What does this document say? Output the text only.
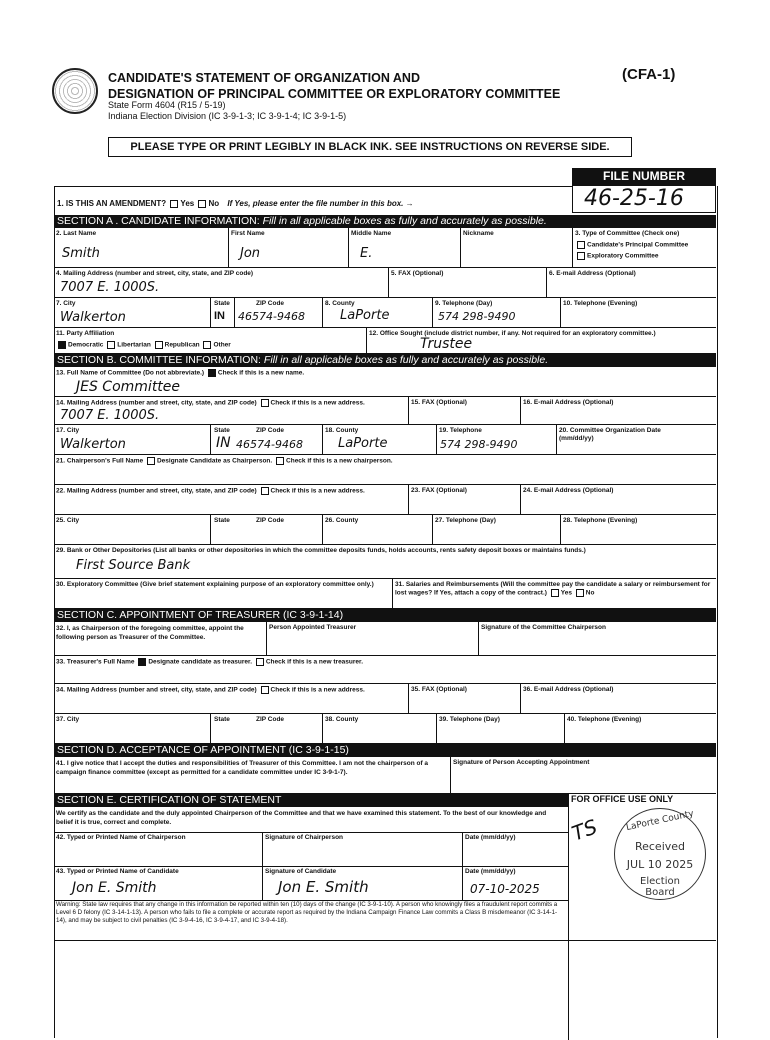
CANDIDATE'S STATEMENT OF ORGANIZATION AND
DESIGNATION OF PRINCIPAL COMMITTEE OR EXPLORATORY COMMITTEE
State Form 4604 (R15 / 5-19)
Indiana Election Division (IC 3-9-1-3; IC 3-9-1-4; IC 3-9-1-5)
(CFA-1)
PLEASE TYPE OR PRINT LEGIBLY IN BLACK INK. SEE INSTRUCTIONS ON REVERSE SIDE.
FILE NUMBER
46-25-16
1. IS THIS AN AMENDMENT? Yes No If Yes, please enter the file number in this box. →
SECTION A . CANDIDATE INFORMATION: Fill in all applicable boxes as fully and accurately as possible.
2. Last Name	First Name	Middle Name	Nickname	3. Type of Committee (Check one)
Candidate's Principal Committee
Exploratory Committee
Smith	Jon	E.
4. Mailing Address (number and street, city, state, and ZIP code)	5. FAX (Optional)	6. E-mail Address (Optional)
7007 E. 1000S.
7. City	State	ZIP Code	8. County	9. Telephone (Day)	10. Telephone (Evening)
Walkerton	IN 46574-9468	LaPorte	574 298-9490
11. Party Affiliation
Democratic Libertarian Republican Other
12. Office Sought (include district number, if any. Not required for an exploratory committee.)
Trustee
SECTION B. COMMITTEE INFORMATION: Fill in all applicable boxes as fully and accurately as possible.
13. Full Name of Committee (Do not abbreviate.) Check if this is a new name.
JES Committee
14. Mailing Address (number and street, city, state, and ZIP code) Check if this is a new address.	15. FAX (Optional)	16. E-mail Address (Optional)
7007 E. 1000S.
17. City	State	ZIP Code	18. County	19. Telephone	20. Committee Organization Date
(mm/dd/yy)
Walkerton	IN 46574-9468	LaPorte	574 298-9490
21. Chairperson's Full Name Designate Candidate as Chairperson. Check if this is a new chairperson.
22. Mailing Address (number and street, city, state, and ZIP code) Check if this is a new address.	23. FAX (Optional)	24. E-mail Address (Optional)
25. City	State	ZIP Code	26. County	27. Telephone (Day)	28. Telephone (Evening)
29. Bank or Other Depositories (List all banks or other depositories in which the committee deposits funds, holds accounts, rents safety deposit boxes or maintains funds.)
First Source Bank
30. Exploratory Committee (Give brief statement explaining purpose of an exploratory committee only.)	31. Salaries and Reimbursements (Will the committee pay the candidate a salary or reimbursement for lost wages? If Yes, attach a copy of the contract.) Yes No
SECTION C. APPOINTMENT OF TREASURER (IC 3-9-1-14)
32. I, as Chairperson of the foregoing committee, appoint the following person as Treasurer of the Committee.
Person Appointed Treasurer	Signature of the Committee Chairperson
33. Treasurer's Full Name Designate candidate as treasurer. Check if this is a new treasurer.
34. Mailing Address (number and street, city, state, and ZIP code) Check if this is a new address.	35. FAX (Optional)	36. E-mail Address (Optional)
37. City	State	ZIP Code	38. County	39. Telephone (Day)	40. Telephone (Evening)
SECTION D. ACCEPTANCE OF APPOINTMENT (IC 3-9-1-15)
41. I give notice that I accept the duties and responsibilities of Treasurer of this Committee. I am not the chairperson of a campaign finance committee (except as permitted for a candidate committee under IC 3-9-1-7).
Signature of Person Accepting Appointment
SECTION E. CERTIFICATION OF STATEMENT	FOR OFFICE USE ONLY
We certify as the candidate and the duly appointed Chairperson of the Committee and that we have examined this statement. To the best of our knowledge and belief it is true, correct and complete.
42. Typed or Printed Name of Chairperson	Signature of Chairperson	Date (mm/dd/yy)
43. Typed or Printed Name of Candidate	Signature of Candidate	Date (mm/dd/yy)
Jon E. Smith	Jon E. Smith	07-10-2025
Warning: State law requires that any change in this information be reported within ten (10) days of the change (IC 3-9-1-10). A person who knowingly files a fraudulent report commits a Level 6 D felony (IC 3-14-1-13). A person who fails to file a complete or accurate report as required by the Indiana Campaign Finance Law commits a Class B misdemeanor (IC 3-14-1-14), and may be subject to civil penalties (IC 3-9-4-16, IC 3-9-4-17, and IC 3-9-4-18).
TS	LaPorte County
Received
JUL 10 2025
Election
Board
